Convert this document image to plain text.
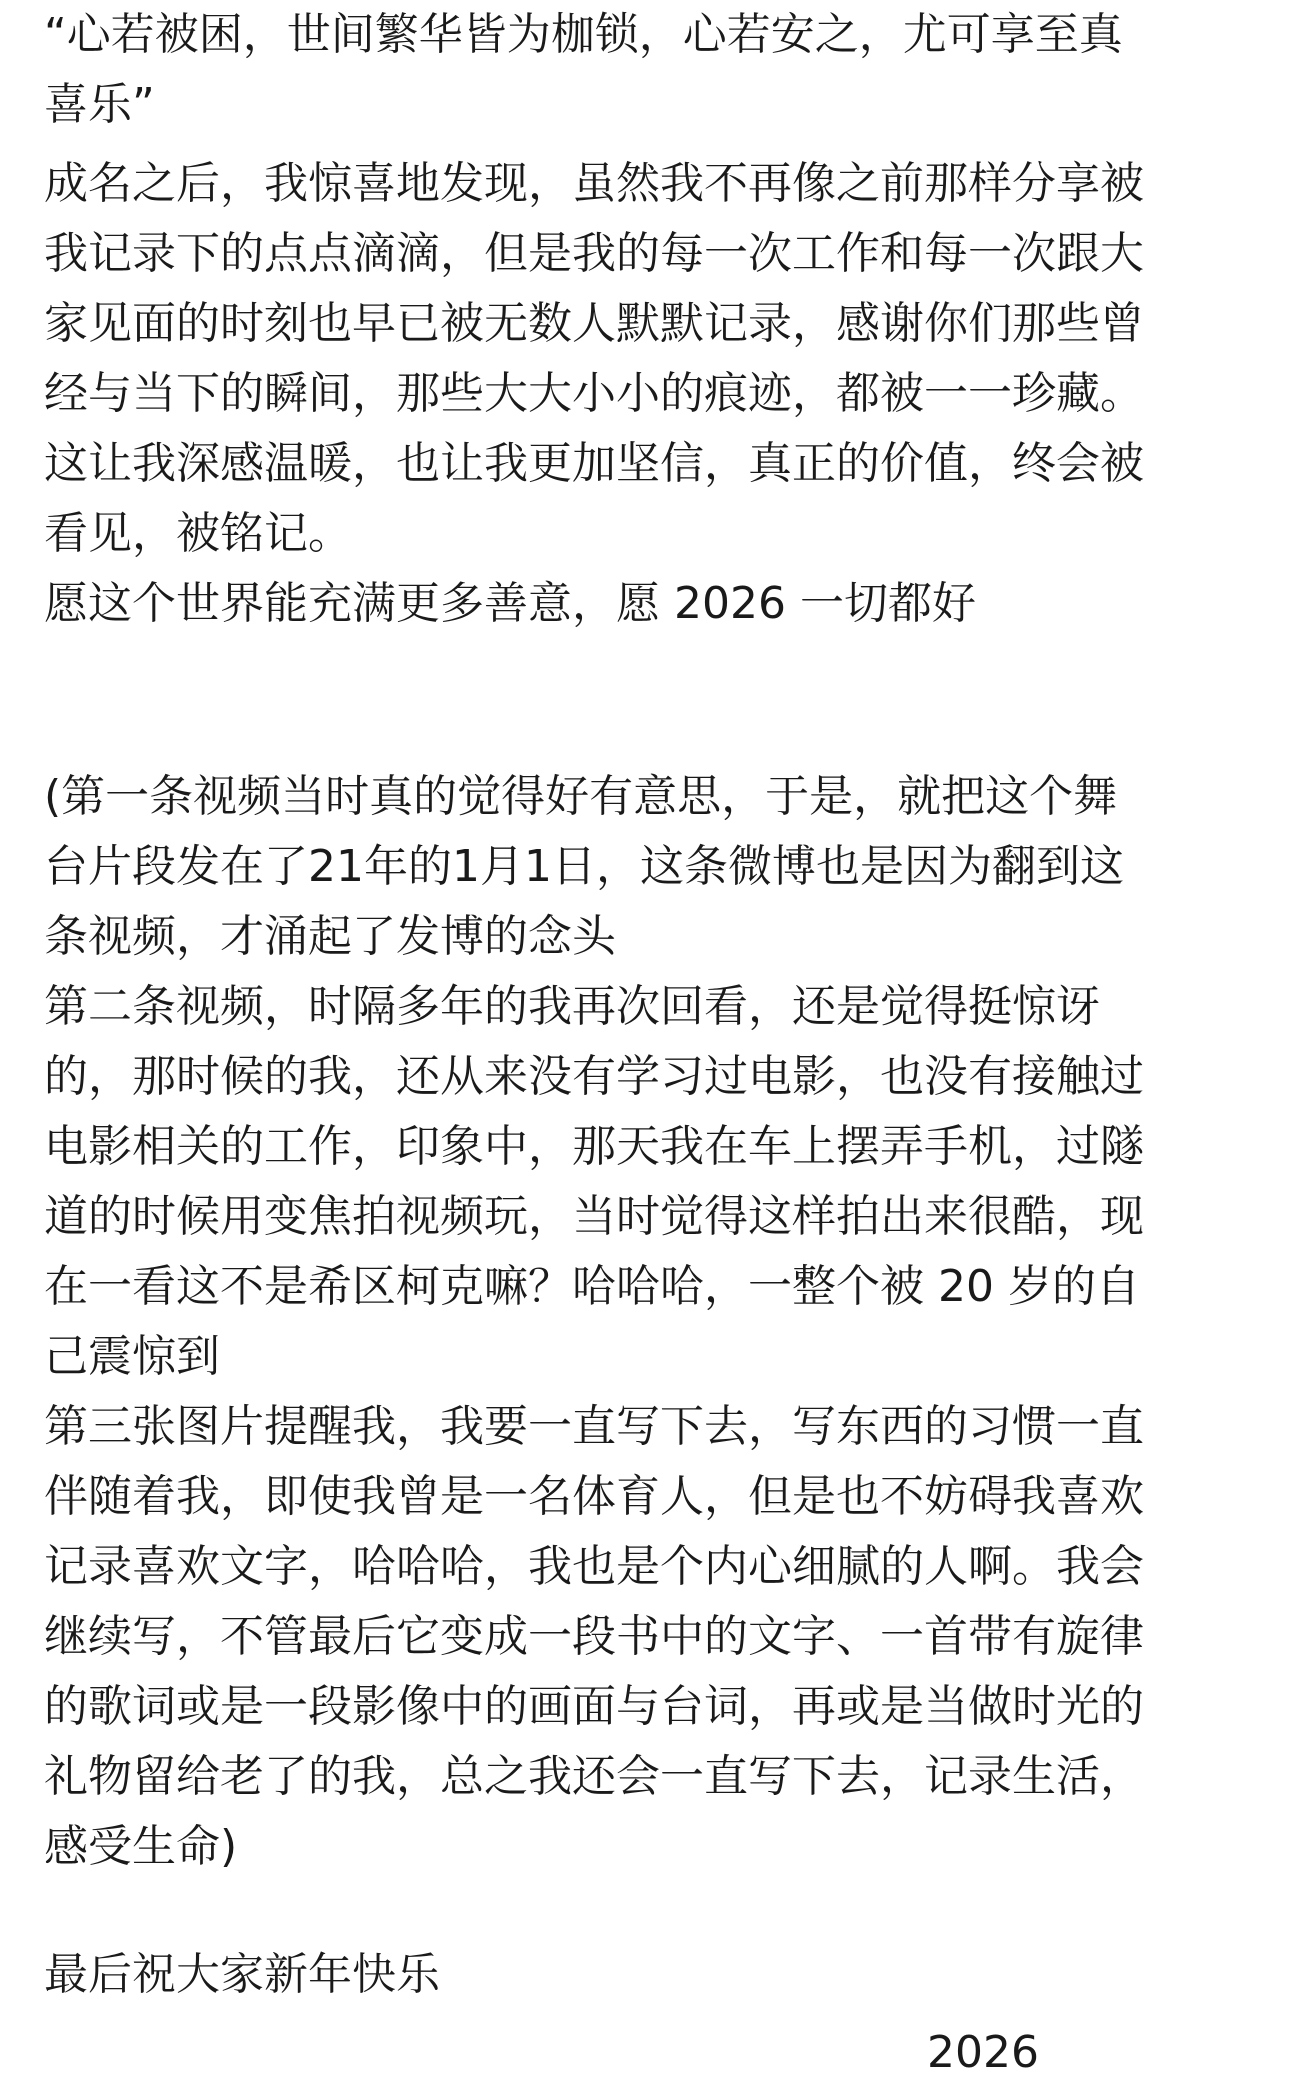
“心若被困，世间繁华皆为枷锁，心若安之，尤可享至真
喜乐”
成名之后，我惊喜地发现，虽然我不再像之前那样分享被
我记录下的点点滴滴，但是我的每一次工作和每一次跟大
家见面的时刻也早已被无数人默默记录，感谢你们那些曾
经与当下的瞬间，那些大大小小的痕迹，都被一一珍藏。
这让我深感温暖，也让我更加坚信，真正的价值，终会被
看见，被铭记。
愿这个世界能充满更多善意，愿 2026 一切都好
(第一条视频当时真的觉得好有意思，于是，就把这个舞
台片段发在了21年的1月1日，这条微博也是因为翻到这
条视频，才涌起了发博的念头
第二条视频，时隔多年的我再次回看，还是觉得挺惊讶
的，那时候的我，还从来没有学习过电影，也没有接触过
电影相关的工作，印象中，那天我在车上摆弄手机，过隧
道的时候用变焦拍视频玩，当时觉得这样拍出来很酷，现
在一看这不是希区柯克嘛？哈哈哈，一整个被 20 岁的自
己震惊到
第三张图片提醒我，我要一直写下去，写东西的习惯一直
伴随着我，即使我曾是一名体育人，但是也不妨碍我喜欢
记录喜欢文字，哈哈哈，我也是个内心细腻的人啊。我会
继续写，不管最后它变成一段书中的文字、一首带有旋律
的歌词或是一段影像中的画面与台词，再或是当做时光的
礼物留给老了的我，总之我还会一直写下去，记录生活，
感受生命)
最后祝大家新年快乐
2026
